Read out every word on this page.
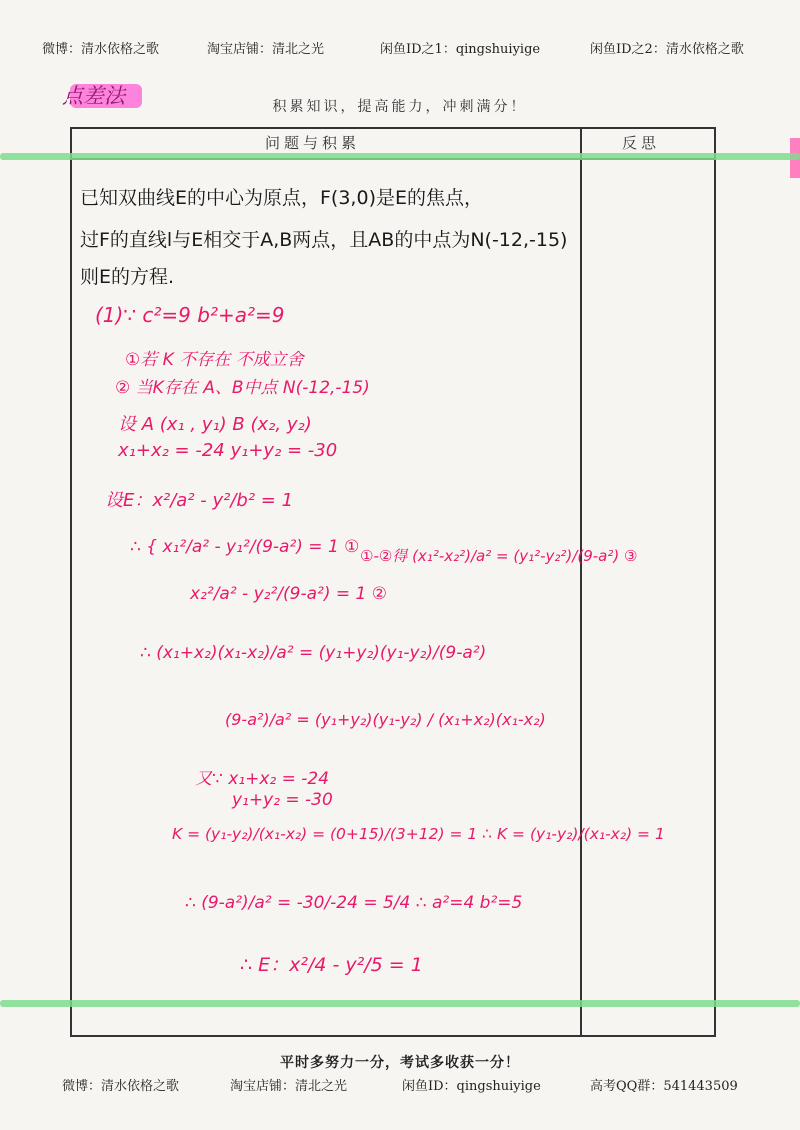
微博：清水依格之歌	淘宝店铺：清北之光	闲鱼ID之1：qingshuiyige	闲鱼ID之2：清水依格之歌
点差法	积累知识，提高能力，冲刺满分！
问题与积累	反思
已知双曲线E的中心为原点，F(3,0)是E的焦点，
过F的直线l与E相交于A,B两点，且AB的中点为N(-12,-15)
则E的方程.
(1)∵ c²=9 b²+a²=9
①若 K 不存在 不成立舍
② 当K存在 A、B中点 N(-12,-15)
设 A (x₁ , y₁) B (x₂, y₂)
x₁+x₂ = -24 y₁+y₂ = -30
设E：x²/a² - y²/b² = 1
∴ { x₁²/a² - y₁²/(9-a²) = 1 ①
x₂²/a² - y₂²/(9-a²) = 1 ②
①-②得 (x₁²-x₂²)/a² = (y₁²-y₂²)/(9-a²) ③
∴ (x₁+x₂)(x₁-x₂)/a² = (y₁+y₂)(y₁-y₂)/(9-a²)
(9-a²)/a² = (y₁+y₂)(y₁-y₂) / (x₁+x₂)(x₁-x₂)
又∵ x₁+x₂ = -24
y₁+y₂ = -30
K = (y₁-y₂)/(x₁-x₂) = (0+15)/(3+12) = 1 ∴ K = (y₁-y₂)/(x₁-x₂) = 1
∴ (9-a²)/a² = -30/-24 = 5/4 ∴ a²=4 b²=5
∴ E：x²/4 - y²/5 = 1
平时多努力一分，考试多收获一分！
微博：清水依格之歌	淘宝店铺：清北之光	闲鱼ID：qingshuiyige	高考QQ群：541443509
